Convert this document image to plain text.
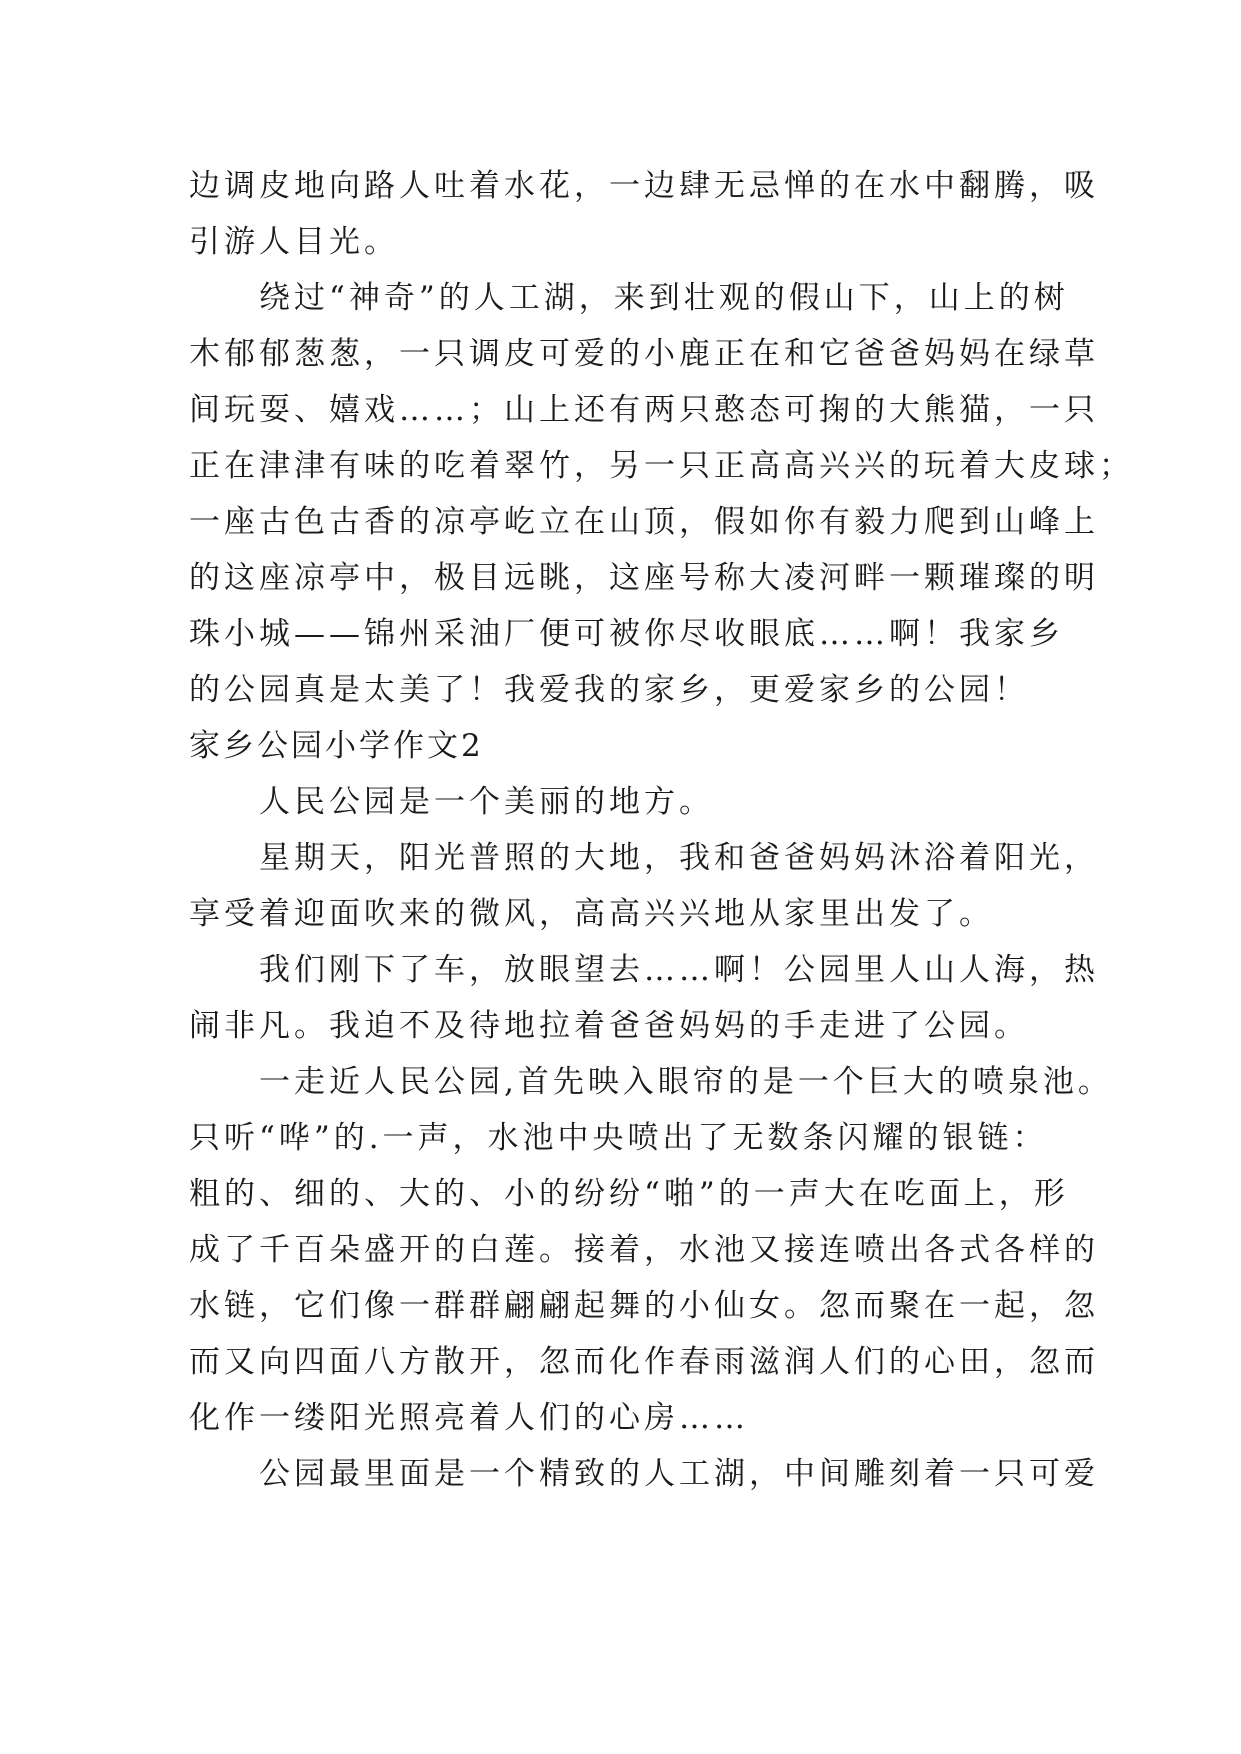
边调皮地向路人吐着水花，一边肆无忌惮的在水中翻腾，吸
引游人目光。
绕过“神奇”的人工湖，来到壮观的假山下，山上的树
木郁郁葱葱，一只调皮可爱的小鹿正在和它爸爸妈妈在绿草
间玩耍、嬉戏……；山上还有两只憨态可掬的大熊猫，一只
正在津津有味的吃着翠竹，另一只正高高兴兴的玩着大皮球；
一座古色古香的凉亭屹立在山顶，假如你有毅力爬到山峰上
的这座凉亭中，极目远眺，这座号称大凌河畔一颗璀璨的明
珠小城——锦州采油厂便可被你尽收眼底……啊！我家乡
的公园真是太美了！我爱我的家乡，更爱家乡的公园！
家乡公园小学作文2
人民公园是一个美丽的地方。
星期天，阳光普照的大地，我和爸爸妈妈沐浴着阳光，
享受着迎面吹来的微风，高高兴兴地从家里出发了。
我们刚下了车，放眼望去……啊！公园里人山人海，热
闹非凡。我迫不及待地拉着爸爸妈妈的手走进了公园。
一走近人民公园,首先映入眼帘的是一个巨大的喷泉池。
只听“哗”的.一声，水池中央喷出了无数条闪耀的银链：
粗的、细的、大的、小的纷纷“啪”的一声大在吃面上，形
成了千百朵盛开的白莲。接着，水池又接连喷出各式各样的
水链，它们像一群群翩翩起舞的小仙女。忽而聚在一起，忽
而又向四面八方散开，忽而化作春雨滋润人们的心田，忽而
化作一缕阳光照亮着人们的心房……
公园最里面是一个精致的人工湖，中间雕刻着一只可爱
